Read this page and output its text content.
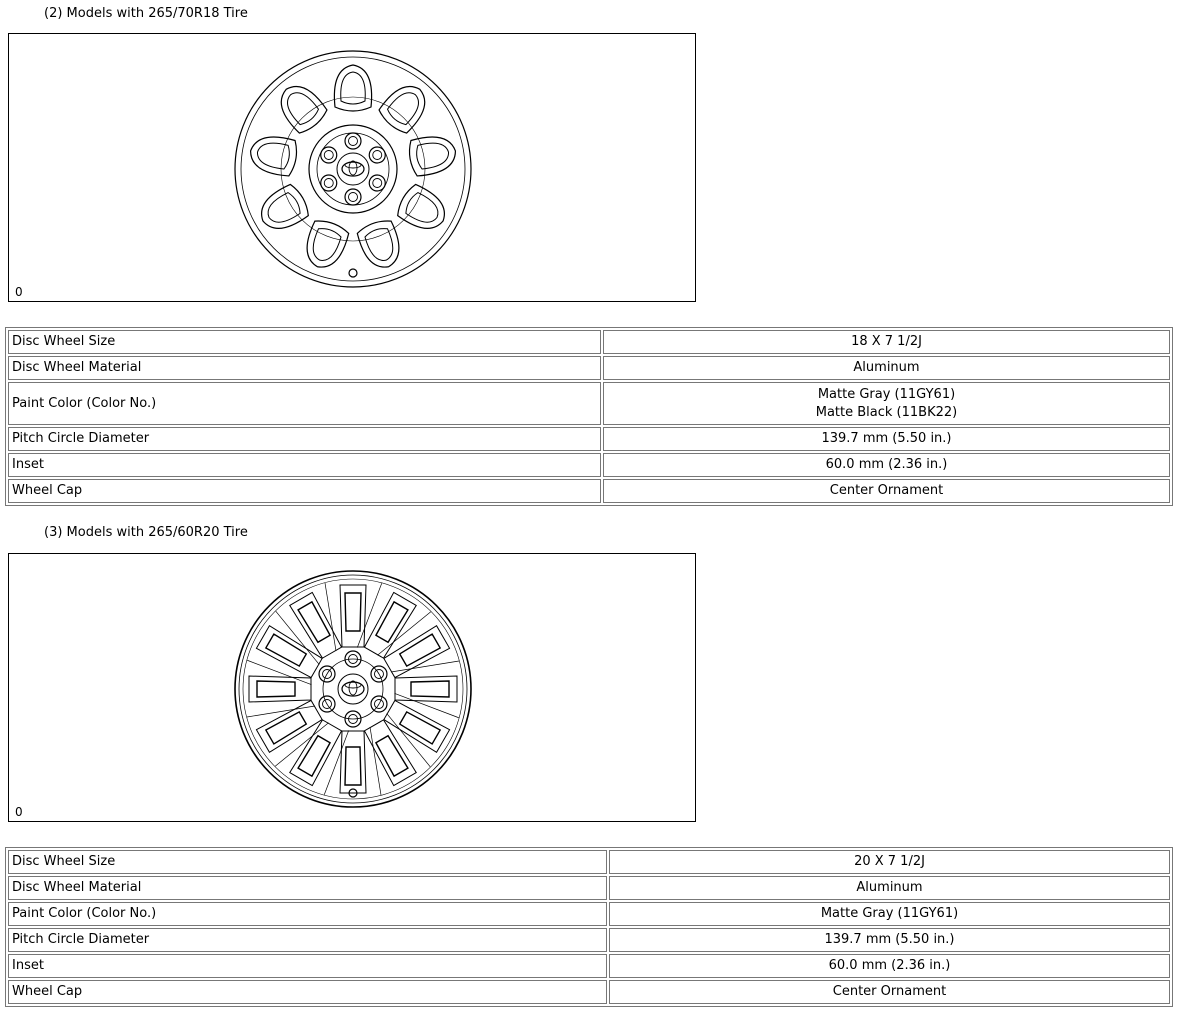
(2) Models with 265/70R18 Tire
0
Disc Wheel Size	18 X 7 1/2J
Disc Wheel Material	Aluminum
Paint Color (Color No.)	Matte Gray (11GY61)
Matte Black (11BK22)

Pitch Circle Diameter	139.7 mm (5.50 in.)
Inset	60.0 mm (2.36 in.)
Wheel Cap	Center Ornament
(3) Models with 265/60R20 Tire
0
Disc Wheel Size	20 X 7 1/2J
Disc Wheel Material	Aluminum
Paint Color (Color No.)	Matte Gray (11GY61)
Pitch Circle Diameter	139.7 mm (5.50 in.)
Inset	60.0 mm (2.36 in.)
Wheel Cap	Center Ornament
